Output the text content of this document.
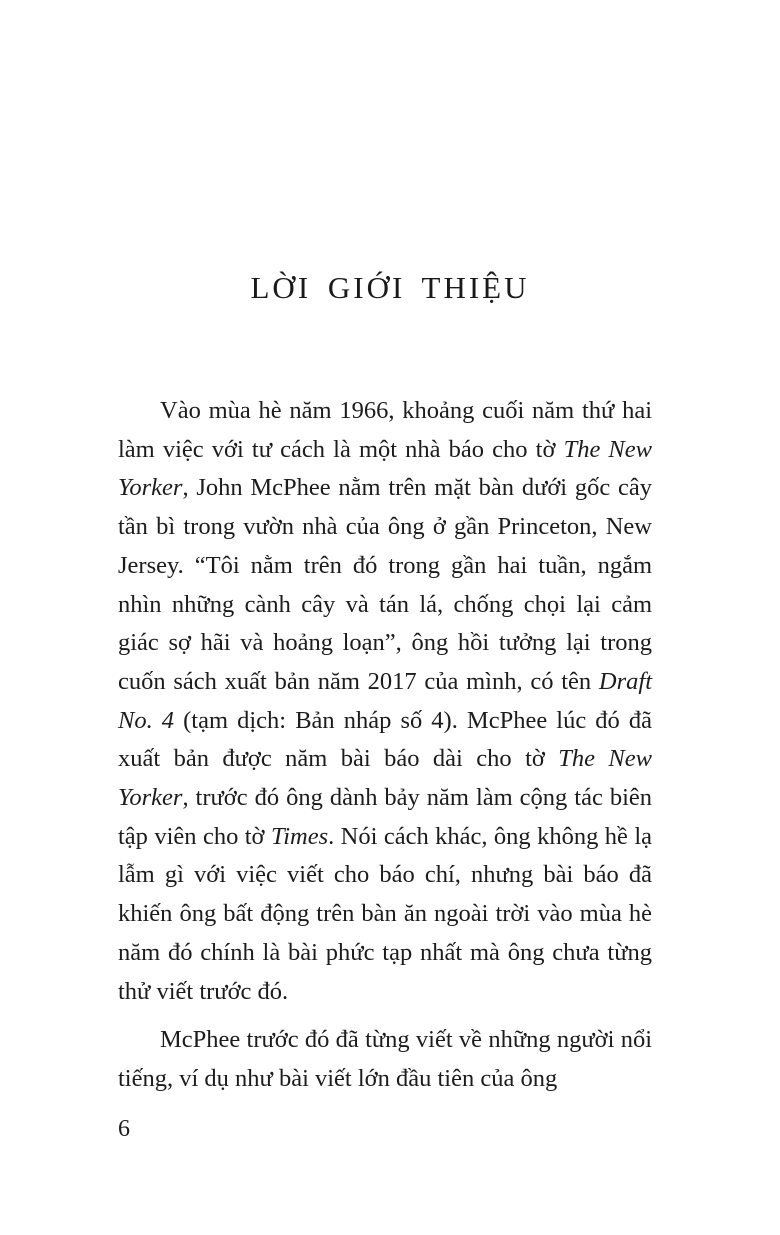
LỜI GIỚI THIỆU

Vào mùa hè năm 1966, khoảng cuối năm thứ hai làm việc với tư cách là một nhà báo cho tờ The New Yorker, John McPhee nằm trên mặt bàn dưới gốc cây tần bì trong vườn nhà của ông ở gần Princeton, New Jersey. “Tôi nằm trên đó trong gần hai tuần, ngắm nhìn những cành cây và tán lá, chống chọi lại cảm giác sợ hãi và hoảng loạn”, ông hồi tưởng lại trong cuốn sách xuất bản năm 2017 của mình, có tên Draft No. 4 (tạm dịch: Bản nháp số 4). McPhee lúc đó đã xuất bản được năm bài báo dài cho tờ The New Yorker, trước đó ông dành bảy năm làm cộng tác biên tập viên cho tờ Times. Nói cách khác, ông không hề lạ lẫm gì với việc viết cho báo chí, nhưng bài báo đã khiến ông bất động trên bàn ăn ngoài trời vào mùa hè năm đó chính là bài phức tạp nhất mà ông chưa từng thử viết trước đó.

McPhee trước đó đã từng viết về những người nổi tiếng, ví dụ như bài viết lớn đầu tiên của ông

6
